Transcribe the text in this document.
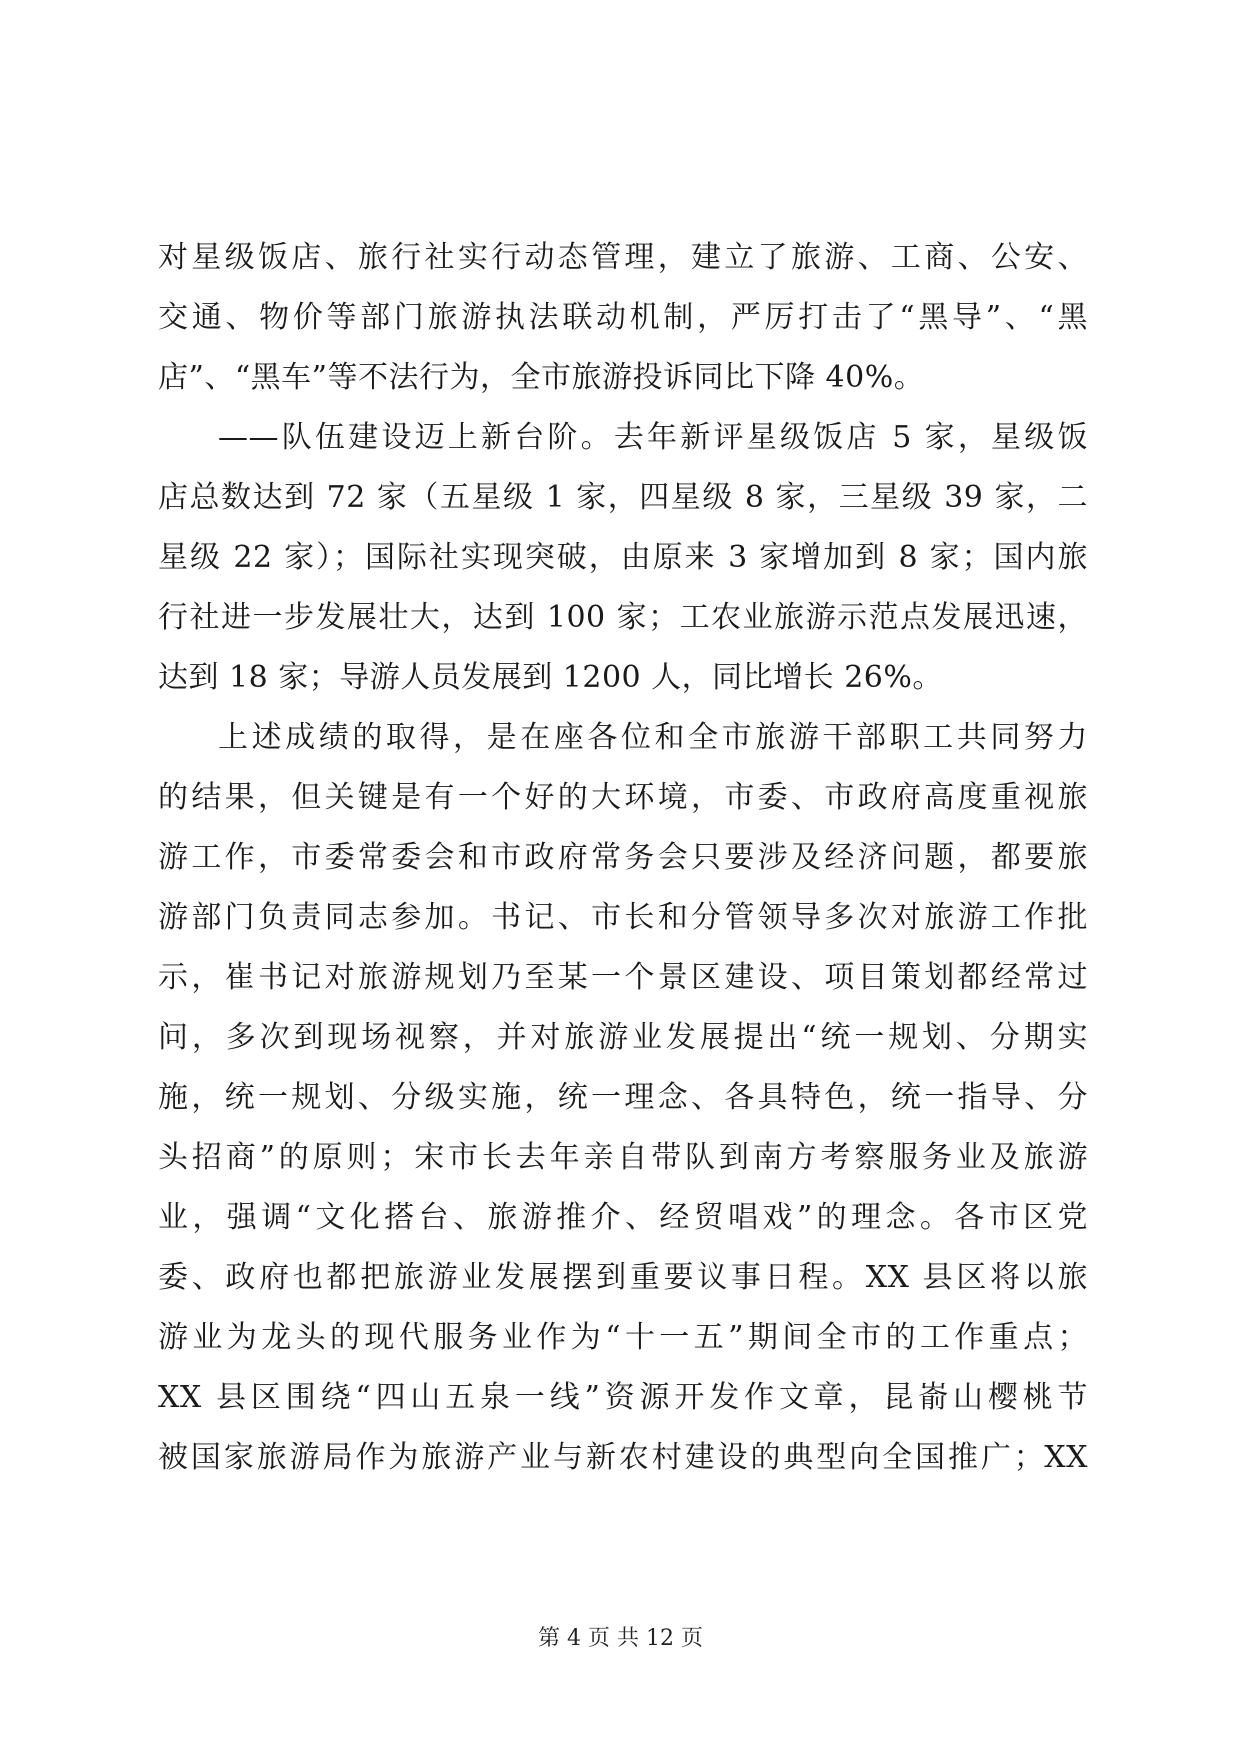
对星级饭店、旅行社实行动态管理，建立了旅游、工商、公安、
交通、物价等部门旅游执法联动机制，严厉打击了“黑导”、“黑
店”、“黑车”等不法行为，全市旅游投诉同比下降 40%。
——队伍建设迈上新台阶。去年新评星级饭店 5 家，星级饭
店总数达到 72 家（五星级 1 家，四星级 8 家，三星级 39 家，二
星级 22 家）；国际社实现突破，由原来 3 家增加到 8 家；国内旅
行社进一步发展壮大，达到 100 家；工农业旅游示范点发展迅速，
达到 18 家；导游人员发展到 1200 人，同比增长 26%。
上述成绩的取得，是在座各位和全市旅游干部职工共同努力
的结果，但关键是有一个好的大环境，市委、市政府高度重视旅
游工作，市委常委会和市政府常务会只要涉及经济问题，都要旅
游部门负责同志参加。书记、市长和分管领导多次对旅游工作批
示，崔书记对旅游规划乃至某一个景区建设、项目策划都经常过
问，多次到现场视察，并对旅游业发展提出“统一规划、分期实
施，统一规划、分级实施，统一理念、各具特色，统一指导、分
头招商”的原则；宋市长去年亲自带队到南方考察服务业及旅游
业，强调“文化搭台、旅游推介、经贸唱戏”的理念。各市区党
委、政府也都把旅游业发展摆到重要议事日程。XX 县区将以旅
游业为龙头的现代服务业作为“十一五”期间全市的工作重点；
XX 县区围绕“四山五泉一线”资源开发作文章，昆嵛山樱桃节
被国家旅游局作为旅游产业与新农村建设的典型向全国推广；XX
第 4 页 共 12 页
